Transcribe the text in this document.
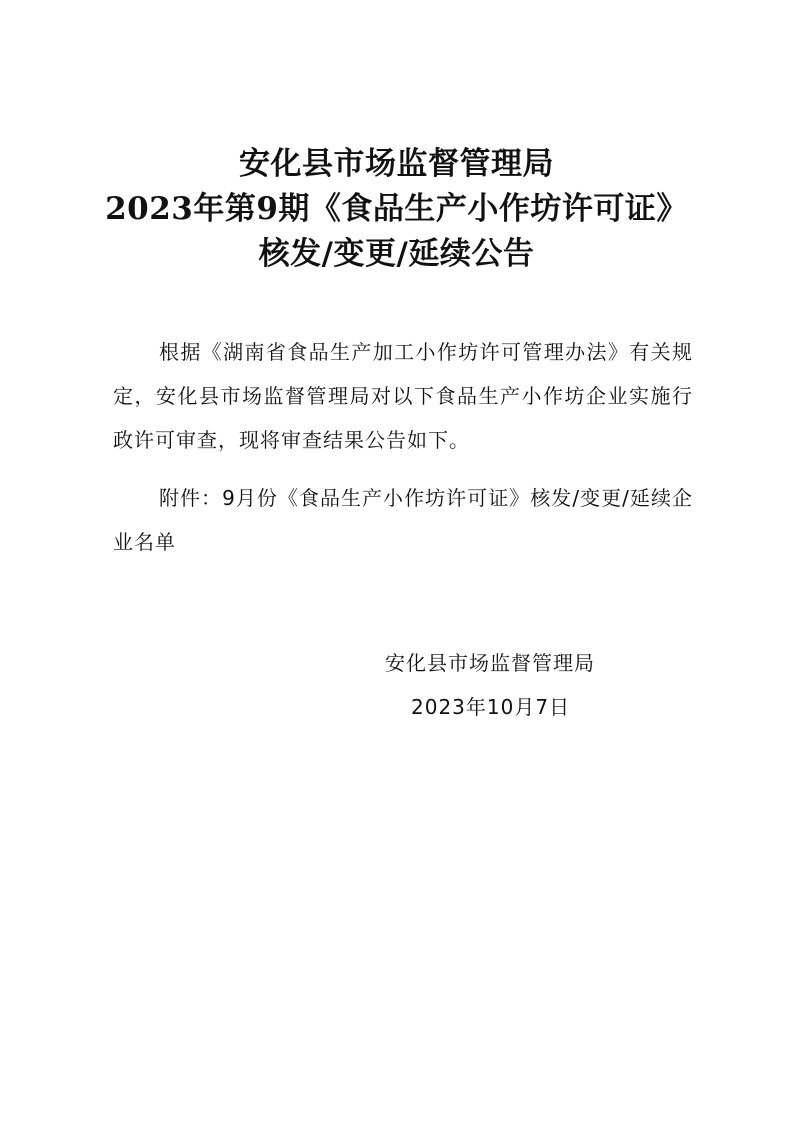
安化县市场监督管理局
2023年第9期《食品生产小作坊许可证》
核发/变更/延续公告

根据《湖南省食品生产加工小作坊许可管理办法》有关规定，安化县市场监督管理局对以下食品生产小作坊企业实施行政许可审查，现将审查结果公告如下。

附件：9月份《食品生产小作坊许可证》核发/变更/延续企业名单

安化县市场监督管理局
2023年10月7日
